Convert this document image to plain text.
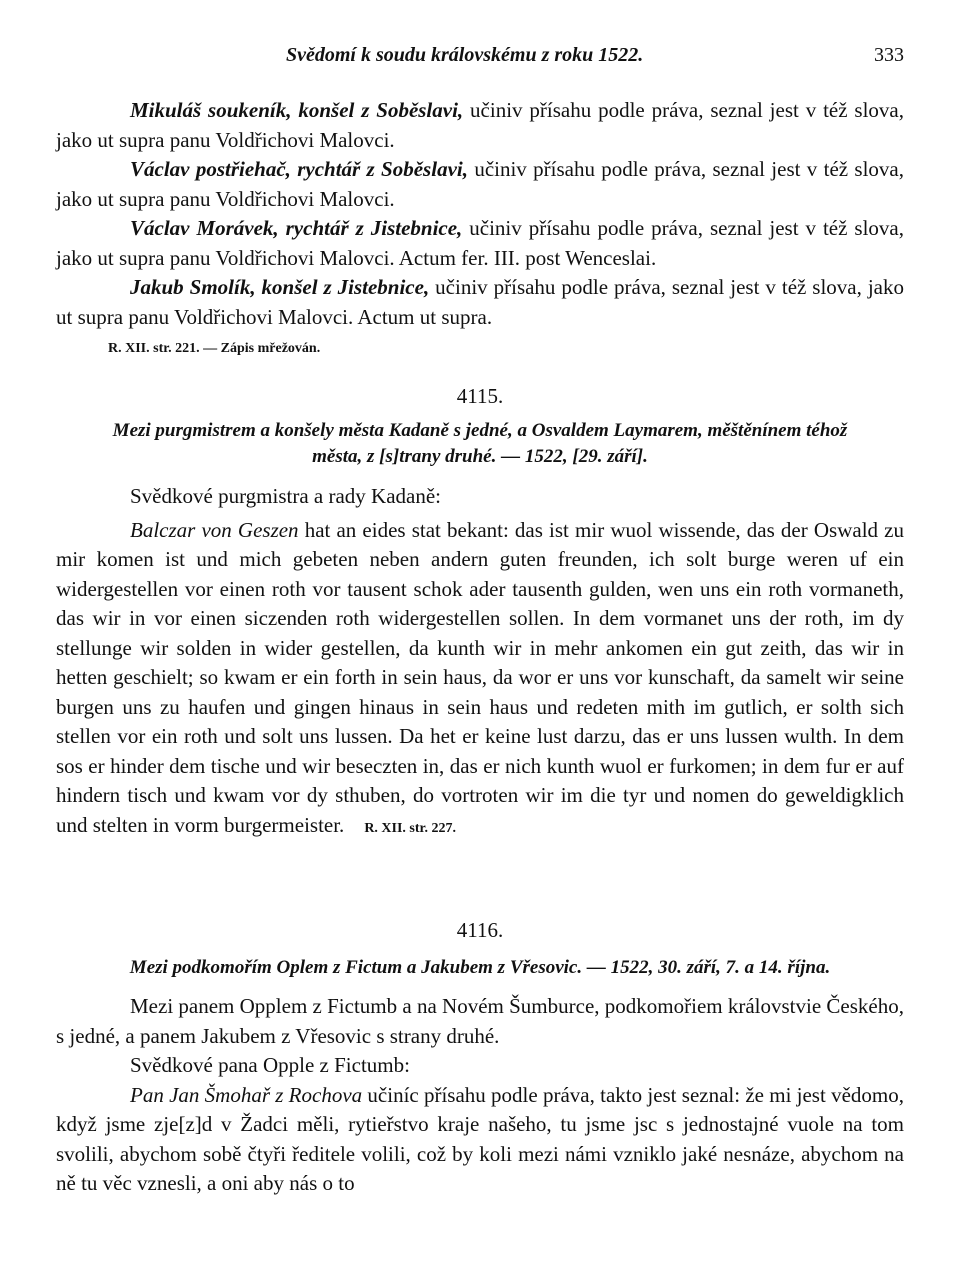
Svědomí k soudu královskému z roku 1522.	333

Mikuláš soukeník, konšel z Soběslavi, učiniv přísahu podle práva, seznal jest v též slova, jako ut supra panu Voldřichovi Malovci.

Václav postřiehač, rychtář z Soběslavi, učiniv přísahu podle práva, seznal jest v též slova, jako ut supra panu Voldřichovi Malovci.

Václav Morávek, rychtář z Jistebnice, učiniv přísahu podle práva, seznal jest v též slova, jako ut supra panu Voldřichovi Malovci. Actum fer. III. post Wenceslai.

Jakub Smolík, konšel z Jistebnice, učiniv přísahu podle práva, seznal jest v též slova, jako ut supra panu Voldřichovi Malovci. Actum ut supra.

R. XII. str. 221. — Zápis mřežován.
4115.
Mezi purgmistrem a konšely města Kadaně s jedné, a Osvaldem Laymarem, měštěnínem téhož
města, z [s]trany druhé. — 1522, [29. září].

Svědkové purgmistra a rady Kadaně:

Balczar von Geszen hat an eides stat bekant: das ist mir wuol wissende, das der Oswald zu mir komen ist und mich gebeten neben andern guten freunden, ich solt burge weren uf ein widergestellen vor einen roth vor tausent schok ader tausenth gulden, wen uns ein roth vormaneth, das wir in vor einen siczenden roth widergestellen sollen. In dem vormanet uns der roth, im dy stellunge wir solden in wider gestellen, da kunth wir in mehr ankomen ein gut zeith, das wir in hetten geschielt; so kwam er ein forth in sein haus, da wor er uns vor kunschaft, da samelt wir seine burgen uns zu haufen und gingen hinaus in sein haus und redeten mith im gutlich, er solth sich stellen vor ein roth und solt uns lussen. Da het er keine lust darzu, das er uns lussen wulth. In dem sos er hinder dem tische und wir beseczten in, das er nich kunth wuol er furkomen; in dem fur er auf hindern tisch und kwam vor dy sthuben, do vortroten wir im die tyr und nomen do geweldigklich und stelten in vorm burgermeister. R. XII. str. 227.

4116.
Mezi podkomořím Oplem z Fictum a Jakubem z Vřesovic. — 1522, 30. září, 7. a 14. října.

Mezi panem Opplem z Fictumb a na Novém Šumburce, podkomořiem královstvie Českého, s jedné, a panem Jakubem z Vřesovic s strany druhé.

Svědkové pana Opple z Fictumb:

Pan Jan Šmohař z Rochova učiníc přísahu podle práva, takto jest seznal: že mi jest vědomo, když jsme zje[z]d v Žadci měli, rytieřstvo kraje našeho, tu jsme jsc s jednostajné vuole na tom svolili, abychom sobě čtyři ředitele volili, což by koli mezi námi vzniklo jaké nesnáze, abychom na ně tu věc vznesli, a oni aby nás o to
